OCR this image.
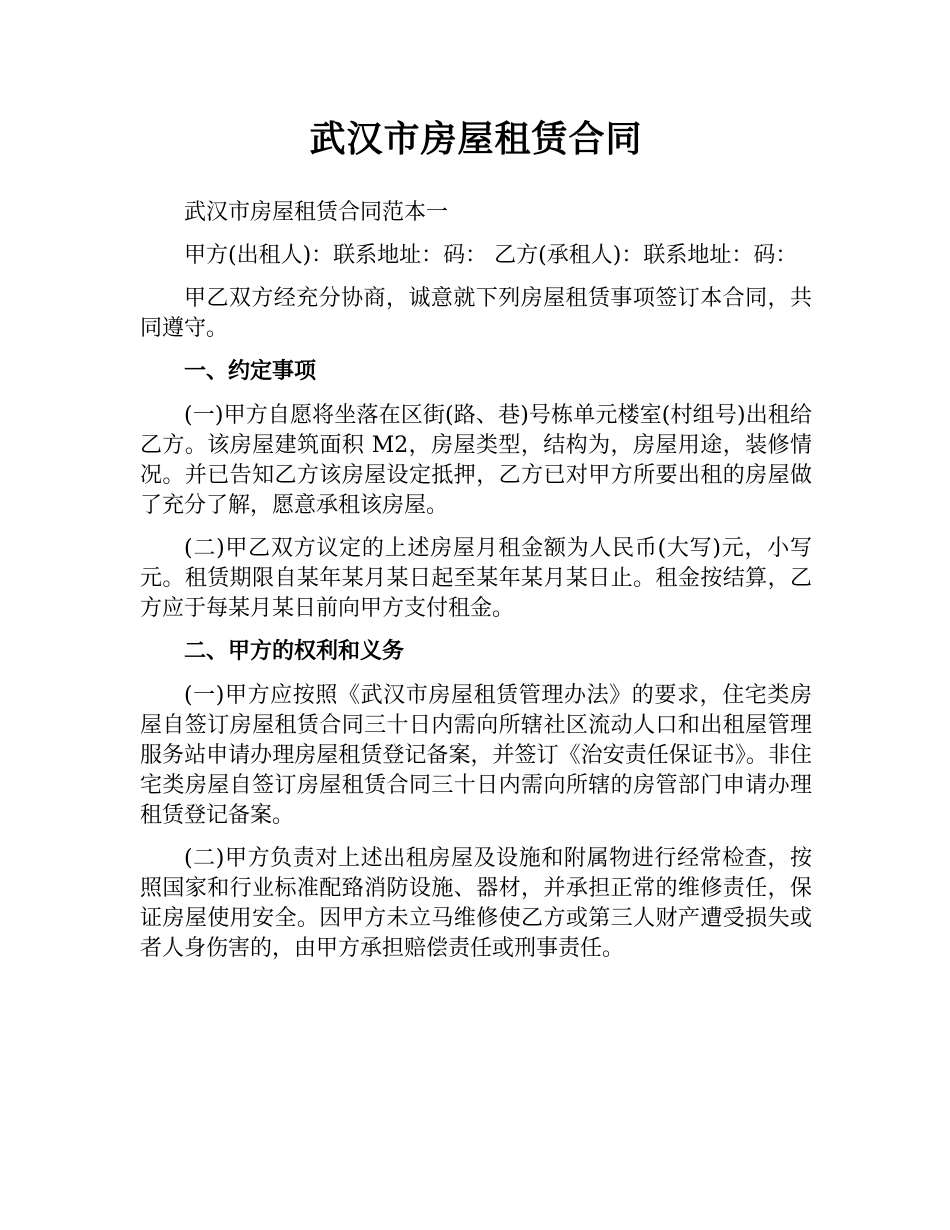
武汉市房屋租赁合同

武汉市房屋租赁合同范本一

甲方(出租人)：联系地址：码： 乙方(承租人)：联系地址：码：

甲乙双方经充分协商，诚意就下列房屋租赁事项签订本合同，共同遵守。

一、约定事项

(一)甲方自愿将坐落在区街(路、巷)号栋单元楼室(村组号)出租给乙方。该房屋建筑面积 M2，房屋类型，结构为，房屋用途，装修情况。并已告知乙方该房屋设定抵押，乙方已对甲方所要出租的房屋做了充分了解，愿意承租该房屋。

(二)甲乙双方议定的上述房屋月租金额为人民币(大写)元，小写元。租赁期限自某年某月某日起至某年某月某日止。租金按结算，乙方应于每某月某日前向甲方支付租金。

二、甲方的权利和义务

(一)甲方应按照《武汉市房屋租赁管理办法》的要求，住宅类房屋自签订房屋租赁合同三十日内需向所辖社区流动人口和出租屋管理服务站申请办理房屋租赁登记备案，并签订《治安责任保证书》。非住宅类房屋自签订房屋租赁合同三十日内需向所辖的房管部门申请办理租赁登记备案。

(二)甲方负责对上述出租房屋及设施和附属物进行经常检查，按照国家和行业标准配臵消防设施、器材，并承担正常的维修责任，保证房屋使用安全。因甲方未立马维修使乙方或第三人财产遭受损失或者人身伤害的，由甲方承担赔偿责任或刑事责任。
